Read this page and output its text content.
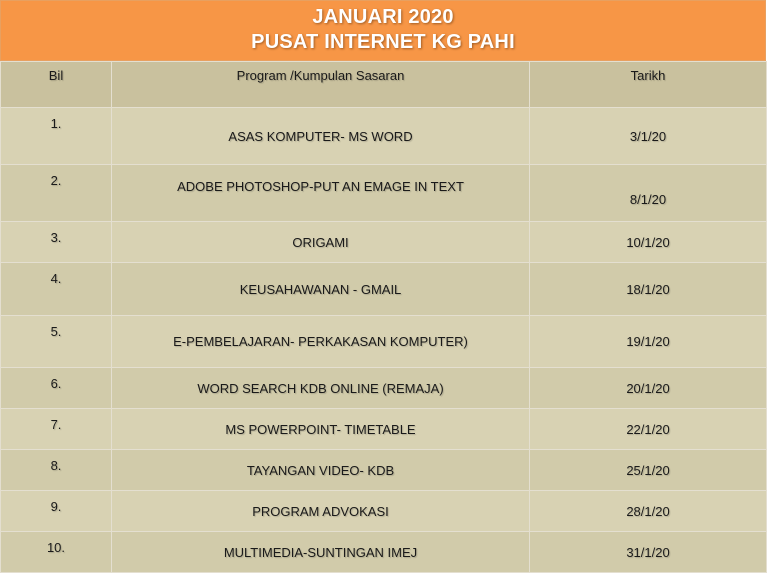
JANUARI 2020
PUSAT INTERNET KG PAHI
Bil	Program /Kumpulan Sasaran	Tarikh
1.	ASAS KOMPUTER- MS WORD	3/1/20
2.	ADOBE PHOTOSHOP-PUT AN EMAGE IN TEXT	8/1/20
3.	ORIGAMI	10/1/20
4.	KEUSAHAWANAN - GMAIL	18/1/20
5.	E-PEMBELAJARAN- PERKAKASAN KOMPUTER)	19/1/20
6.	WORD SEARCH KDB ONLINE (REMAJA)	20/1/20
7.	MS POWERPOINT- TIMETABLE	22/1/20
8.	TAYANGAN VIDEO- KDB	25/1/20
9.	PROGRAM ADVOKASI	28/1/20
10.	MULTIMEDIA-SUNTINGAN IMEJ	31/1/20
